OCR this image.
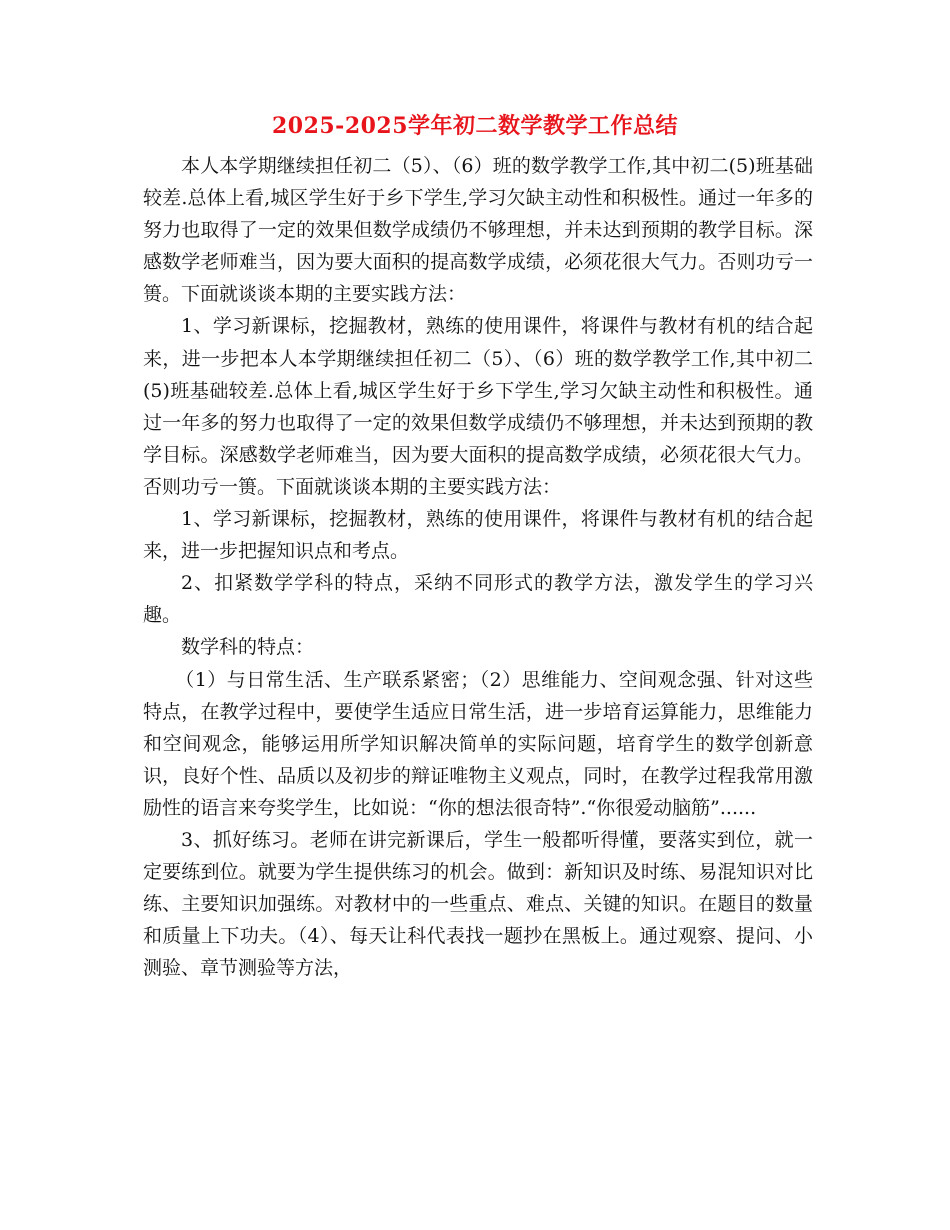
2025-2025学年初二数学教学工作总结

本人本学期继续担任初二（5）、（6）班的数学教学工作,其中初二(5)班基础较差.总体上看,城区学生好于乡下学生,学习欠缺主动性和积极性。通过一年多的努力也取得了一定的效果但数学成绩仍不够理想，并未达到预期的教学目标。深感数学老师难当，因为要大面积的提高数学成绩，必须花很大气力。否则功亏一篑。下面就谈谈本期的主要实践方法：

1、学习新课标，挖掘教材，熟练的使用课件，将课件与教材有机的结合起来，进一步把本人本学期继续担任初二（5）、（6）班的数学教学工作,其中初二(5)班基础较差.总体上看,城区学生好于乡下学生,学习欠缺主动性和积极性。通过一年多的努力也取得了一定的效果但数学成绩仍不够理想，并未达到预期的教学目标。深感数学老师难当，因为要大面积的提高数学成绩，必须花很大气力。否则功亏一篑。下面就谈谈本期的主要实践方法：

1、学习新课标，挖掘教材，熟练的使用课件，将课件与教材有机的结合起来，进一步把握知识点和考点。

2、扣紧数学学科的特点，采纳不同形式的教学方法，激发学生的学习兴趣。

数学科的特点：

（1）与日常生活、生产联系紧密；（2）思维能力、空间观念强、针对这些特点，在教学过程中，要使学生适应日常生活，进一步培育运算能力，思维能力和空间观念，能够运用所学知识解决简单的实际问题，培育学生的数学创新意识，良好个性、品质以及初步的辩证唯物主义观点，同时，在教学过程我常用激励性的语言来夸奖学生，比如说：“你的想法很奇特”.“你很爱动脑筋”......

3、抓好练习。老师在讲完新课后，学生一般都听得懂，要落实到位，就一定要练到位。就要为学生提供练习的机会。做到：新知识及时练、易混知识对比练、主要知识加强练。对教材中的一些重点、难点、关键的知识。在题目的数量和质量上下功夫。（4）、每天让科代表找一题抄在黑板上。通过观察、提问、小测验、章节测验等方法，
